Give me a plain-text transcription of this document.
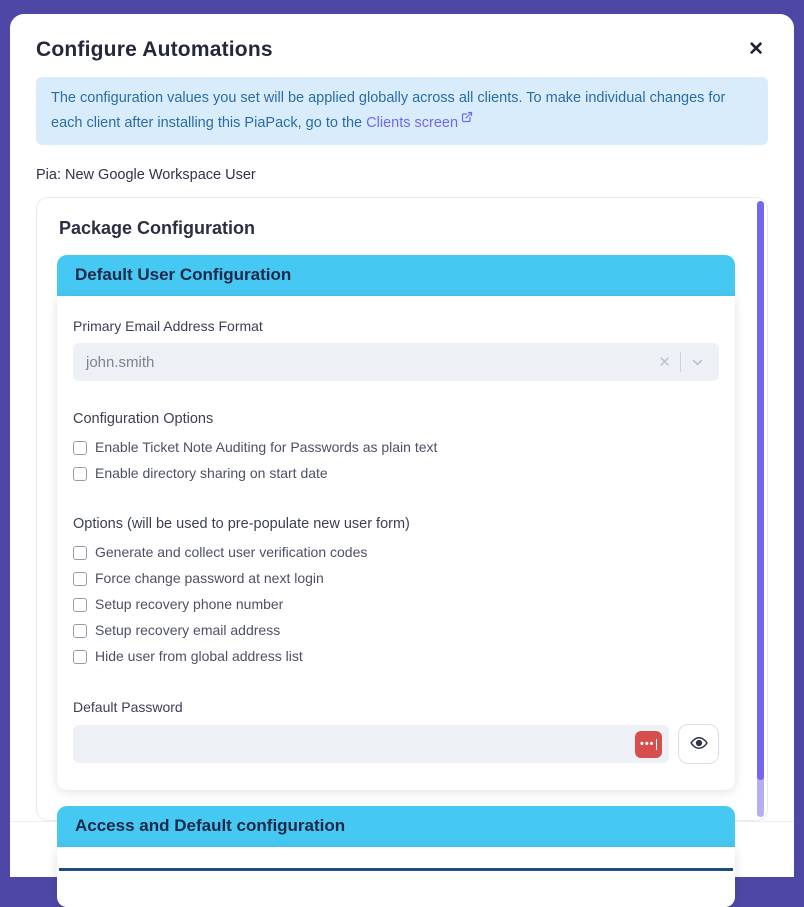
Configure Automations	✕
The configuration values you set will be applied globally across all clients. To make individual changes for each client after installing this PiaPack, go to the Clients screen
Pia: New Google Workspace User
Package Configuration
Default User Configuration
Primary Email Address Format
john.smith	✕
Configuration Options
Enable Ticket Note Auditing for Passwords as plain text
Enable directory sharing on start date
Options (will be used to pre-populate new user form)
Generate and collect user verification codes
Force change password at next login
Setup recovery phone number
Setup recovery email address
Hide user from global address list
Default Password
•••
Access and Default configuration
